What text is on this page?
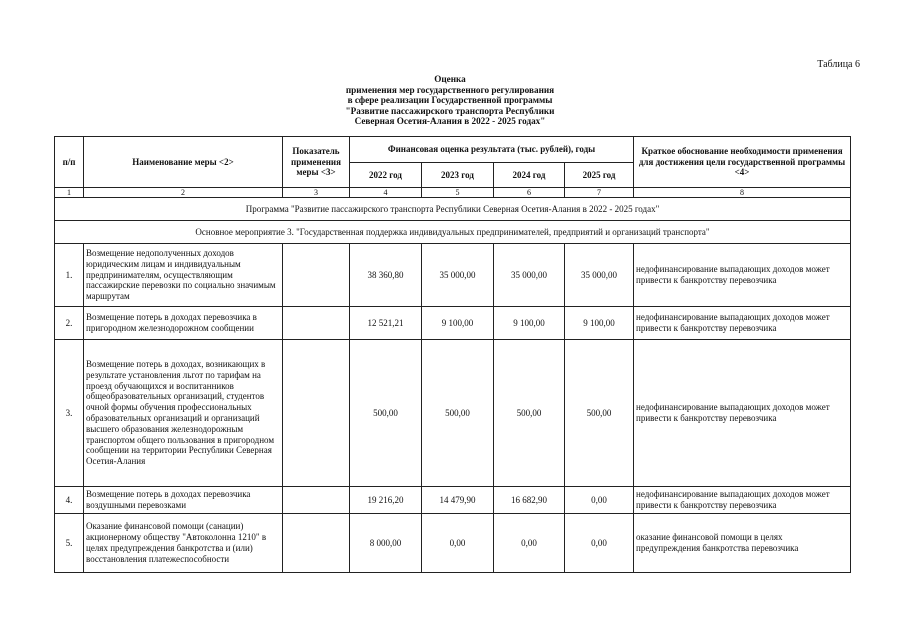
Таблица 6
Оценка
применения мер государственного регулирования
в сфере реализации Государственной программы
"Развитие пассажирского транспорта Республики
Северная Осетия-Алания в 2022 - 2025 годах"
п/п	Наименование меры <2>	Показатель применения меры <3>	Финансовая оценка результата (тыс. рублей), годы				Краткое обоснование необходимости применения для достижения цели государственной программы <4>
			2022 год	2023 год	2024 год	2025 год	
1	2	3	4	5	6	7	8
Программа "Развитие пассажирского транспорта Республики Северная Осетия-Алания в 2022 - 2025 годах"							
Основное мероприятие 3. "Государственная поддержка индивидуальных предпринимателей, предприятий и организаций транспорта"							
1.	Возмещение недополученных доходов юридическим лицам и индивидуальным предпринимателям, осуществляющим пассажирские перевозки по социально значимым маршрутам		38 360,80	35 000,00	35 000,00	35 000,00	недофинансирование выпадающих доходов может привести к банкротству перевозчика
2.	Возмещение потерь в доходах перевозчика в пригородном железнодорожном сообщении		12 521,21	9 100,00	9 100,00	9 100,00	недофинансирование выпадающих доходов может привести к банкротству перевозчика
3.	Возмещение потерь в доходах, возникающих в результате установления льгот по тарифам на проезд обучающихся и воспитанников общеобразовательных организаций, студентов очной формы обучения профессиональных образовательных организаций и организаций высшего образования железнодорожным транспортом общего пользования в пригородном сообщении на территории Республики Северная Осетия-Алания		500,00	500,00	500,00	500,00	недофинансирование выпадающих доходов может привести к банкротству перевозчика
4.	Возмещение потерь в доходах перевозчика воздушными перевозками		19 216,20	14 479,90	16 682,90	0,00	недофинансирование выпадающих доходов может привести к банкротству перевозчика
5.	Оказание финансовой помощи (санации) акционерному обществу "Автоколонна 1210" в целях предупреждения банкротства и (или) восстановления платежеспособности		8 000,00	0,00	0,00	0,00	оказание финансовой помощи в целях предупреждения банкротства перевозчика
